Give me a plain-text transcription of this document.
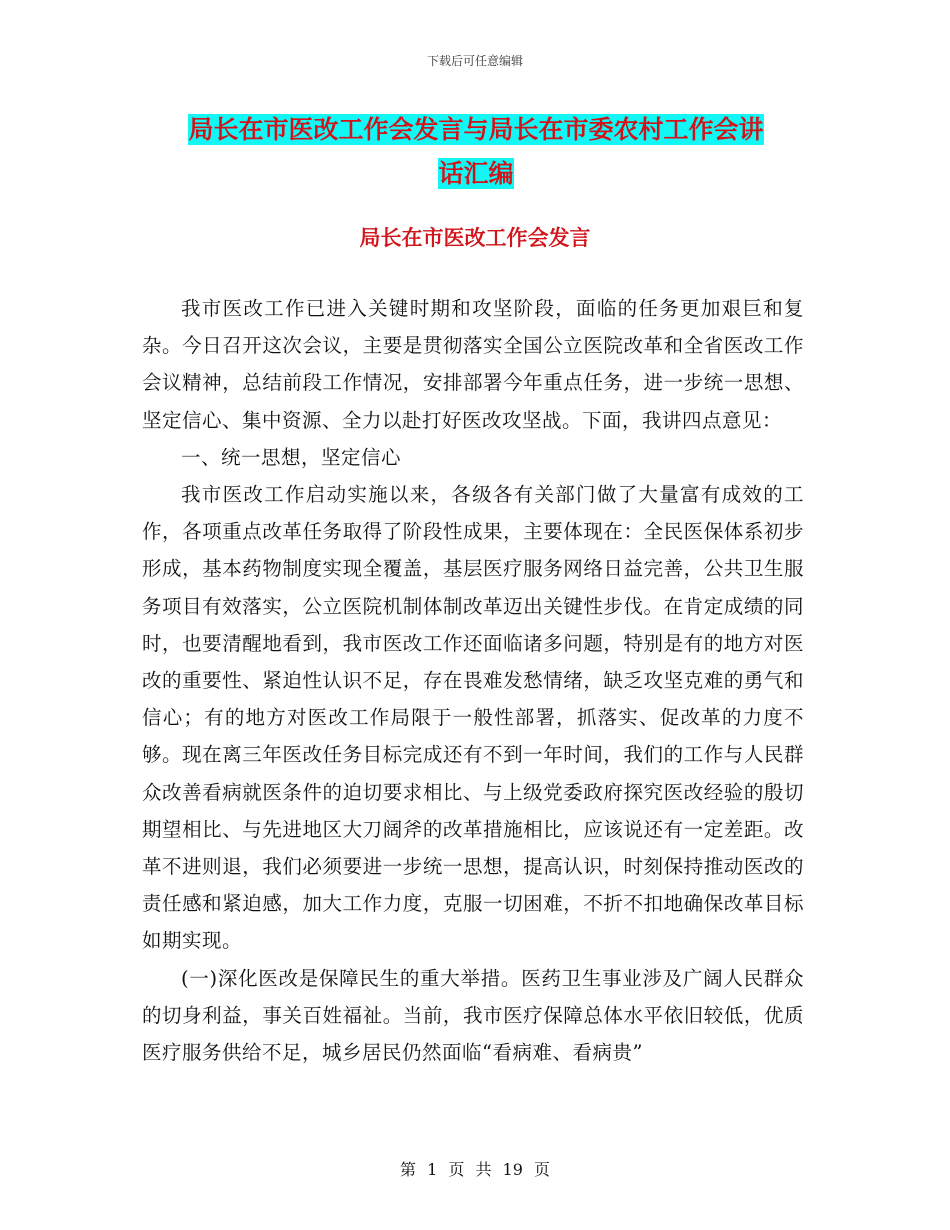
下载后可任意编辑
局长在市医改工作会发言与局长在市委农村工作会讲
话汇编
局长在市医改工作会发言

我市医改工作已进入关键时期和攻坚阶段，面临的任务更加艰巨和复杂。今日召开这次会议，主要是贯彻落实全国公立医院改革和全省医改工作会议精神，总结前段工作情况，安排部署今年重点任务，进一步统一思想、坚定信心、集中资源、全力以赴打好医改攻坚战。下面，我讲四点意见：

一、统一思想，坚定信心

我市医改工作启动实施以来，各级各有关部门做了大量富有成效的工作，各项重点改革任务取得了阶段性成果，主要体现在：全民医保体系初步形成，基本药物制度实现全覆盖，基层医疗服务网络日益完善，公共卫生服务项目有效落实，公立医院机制体制改革迈出关键性步伐。在肯定成绩的同时，也要清醒地看到，我市医改工作还面临诸多问题，特别是有的地方对医改的重要性、紧迫性认识不足，存在畏难发愁情绪，缺乏攻坚克难的勇气和信心；有的地方对医改工作局限于一般性部署，抓落实、促改革的力度不够。现在离三年医改任务目标完成还有不到一年时间，我们的工作与人民群众改善看病就医条件的迫切要求相比、与上级党委政府探究医改经验的殷切期望相比、与先进地区大刀阔斧的改革措施相比，应该说还有一定差距。改革不进则退，我们必须要进一步统一思想，提高认识，时刻保持推动医改的责任感和紧迫感，加大工作力度，克服一切困难，不折不扣地确保改革目标如期实现。

(一)深化医改是保障民生的重大举措。医药卫生事业涉及广阔人民群众的切身利益，事关百姓福祉。当前，我市医疗保障总体水平依旧较低，优质医疗服务供给不足，城乡居民仍然面临“看病难、看病贵”

第 1 页 共 19 页
